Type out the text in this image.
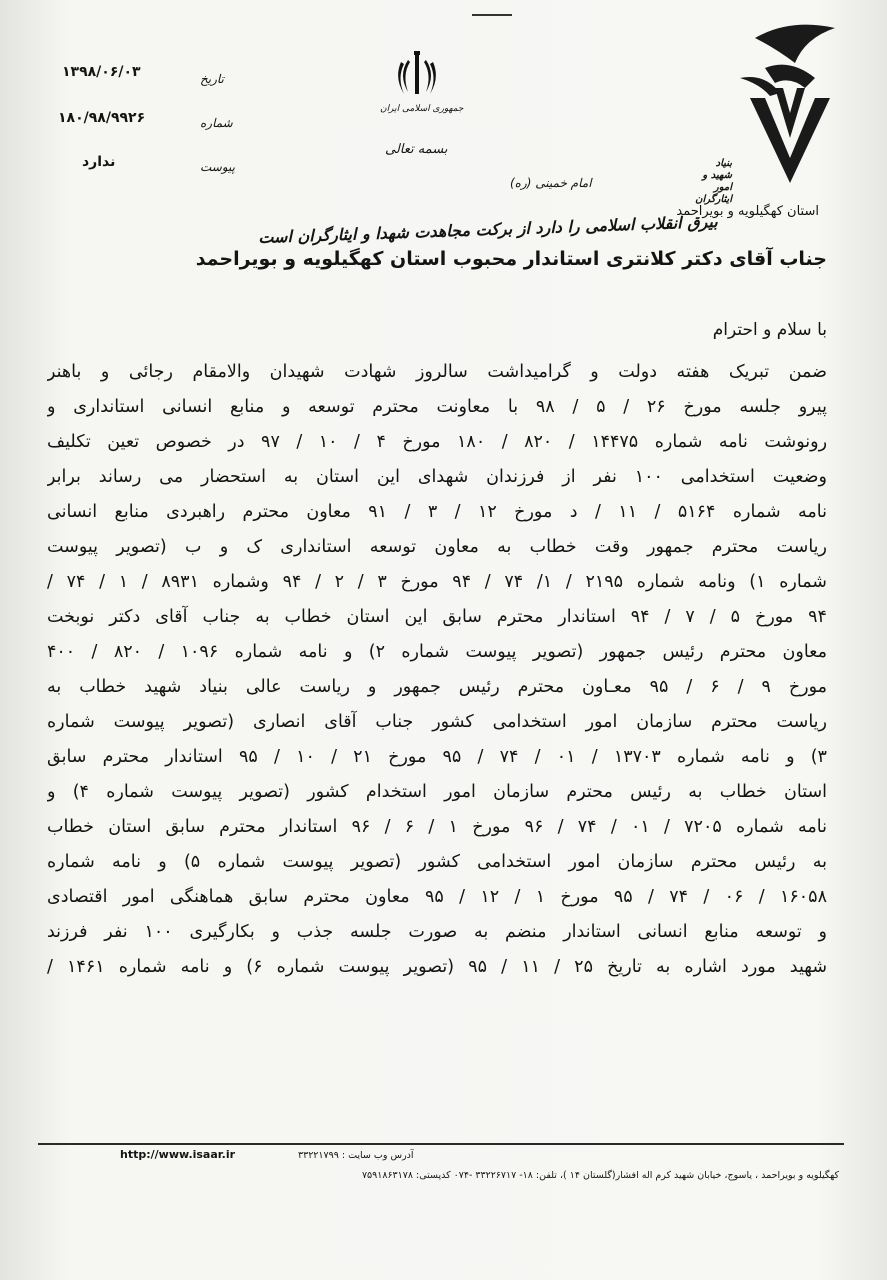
بنیاد شهید و امور ایثارگران
استان کهگیلویه و بویراحمد
جمهوری اسلامی ایران
بسمه تعالی
امام خمینی (ره)
بیرق انقلاب اسلامی را دارد از برکت مجاهدت شهدا و ایثارگران است
تاریخ
۱۳۹۸/۰۶/۰۳
شماره
۱۸۰/۹۸/۹۹۲۶
پیوست
ندارد
جناب آقای دکتر کلانتری استاندار محبوب استان کهگیلویه و بویراحمد
با سلام و احترام
ضمن تبریک هفته دولت و گرامیداشت سالروز شهادت شهیدان والامقام رجائی و باهنر
پیرو جلسه مورخ ۲۶ / ۵ / ۹۸ با معاونت محترم توسعه و منابع انسانی استانداری و
رونوشت نامه شماره ۱۴۴۷۵ / ۸۲۰ / ۱۸۰ مورخ ۴ / ۱۰ / ۹۷ در خصوص تعین تکلیف
وضعیت استخدامی ۱۰۰ نفر از فرزندان شهدای این استان به استحضار می رساند برابر
نامه شماره ۵۱۶۴ / ۱۱ / د مورخ ۱۲ / ۳ / ۹۱ معاون محترم راهبردی منابع انسانی
ریاست محترم جمهور وقت خطاب به معاون توسعه استانداری ک و ب (تصویر پیوست
شماره ۱) ونامه شماره ۲۱۹۵ / ۱/ ۷۴ / ۹۴ مورخ ۳ / ۲ / ۹۴ وشماره ۸۹۳۱ / ۱ / ۷۴ /
۹۴ مورخ ۵ / ۷ / ۹۴ استاندار محترم سابق این استان خطاب به جناب آقای دکتر نوبخت
معاون محترم رئیس جمهور (تصویر پیوست شماره ۲) و نامه شماره ۱۰۹۶ / ۸۲۰ / ۴۰۰
مورخ ۹ / ۶ / ۹۵ معـاون محترم رئیس جمهور و ریاست عالی بنیاد شهید خطاب به
ریاست محترم سازمان امور استخدامی کشور جناب آقای انصاری (تصویر پیوست شماره
۳) و نامه شماره ۱۳۷۰۳ / ۰۱ / ۷۴ / ۹۵ مورخ ۲۱ / ۱۰ / ۹۵ استاندار محترم سابق
استان خطاب به رئیس محترم سازمان امور استخدام کشور (تصویر پیوست شماره ۴) و
نامه شماره ۷۲۰۵ / ۰۱ / ۷۴ / ۹۶ مورخ ۱ / ۶ / ۹۶ استاندار محترم سابق استان خطاب
به رئیس محترم سازمان امور استخدامی کشور (تصویر پیوست شماره ۵) و نامه شماره
۱۶۰۵۸ / ۰۶ / ۷۴ / ۹۵ مورخ ۱ / ۱۲ / ۹۵ معاون محترم سابق هماهنگی امور اقتصادی
و توسعه منابع انسانی استاندار منضم به صورت جلسه جذب و بکارگیری ۱۰۰ نفر فرزند
شهید مورد اشاره به تاریخ ۲۵ / ۱۱ / ۹۵ (تصویر پیوست شماره ۶) و نامه شماره ۱۴۶۱ /
http://www.isaar.ir	آدرس وب سایت : ۳۳۲۲۱۷۹۹
کهگیلویه و بویراحمد ، یاسوج، خیابان شهید کرم اله افشار(گلستان ۱۴ )، تلفن: ۱۸- ۳۳۲۲۶۷۱۷ -۰۷۴ کدپستی: ۷۵۹۱۸۶۳۱۷۸
